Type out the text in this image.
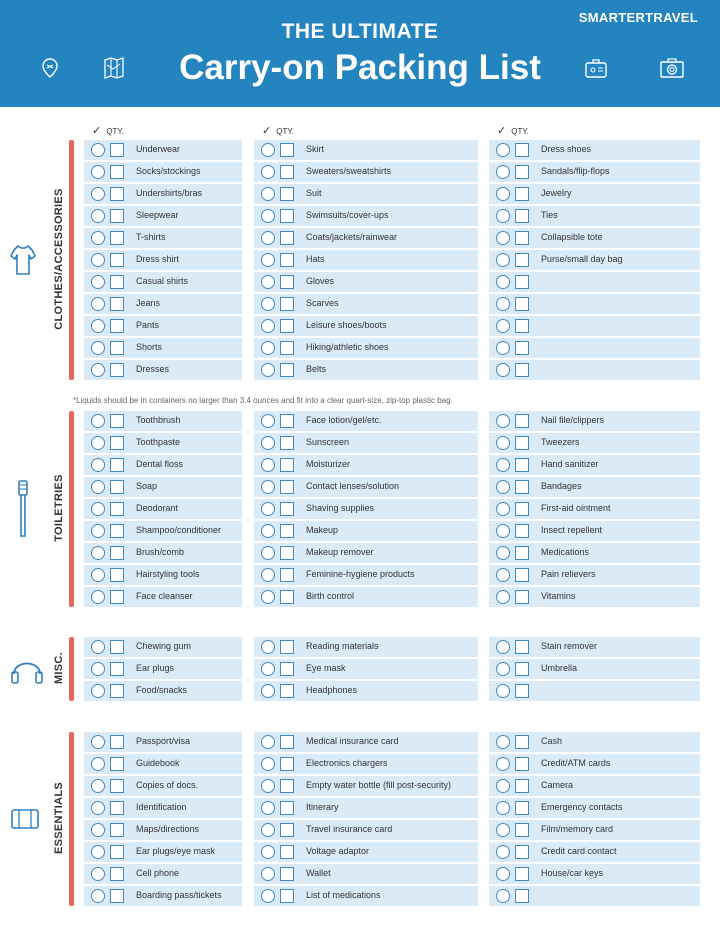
SMARTERTRAVEL
THE ULTIMATE
Carry-on Packing List
✓ QTY.	✓ QTY.	✓ QTY.
*Liquids should be in containers no larger than 3.4 ounces and fit into a clear quart-size, zip-top plastic bag.
CLOTHES/ACCESSORIES
Underwear
Socks/stockings
Undershirts/bras
Sleepwear
T-shirts
Dress shirt
Casual shirts
Jeans
Pants
Shorts
Dresses
Skirt
Sweaters/sweatshirts
Suit
Swimsuits/cover-ups
Coats/jackets/rainwear
Hats
Gloves
Scarves
Leisure shoes/boots
Hiking/athletic shoes
Belts
Dress shoes
Sandals/flip-flops
Jewelry
Ties
Collapsible tote
Purse/small day bag
TOILETRIES
Toothbrush
Toothpaste
Dental floss
Soap
Deodorant
Shampoo/conditioner
Brush/comb
Hairstyling tools
Face cleanser
Face lotion/gel/etc.
Sunscreen
Moisturizer
Contact lenses/solution
Shaving supplies
Makeup
Makeup remover
Feminine-hygiene products
Birth control
Nail file/clippers
Tweezers
Hand sanitizer
Bandages
First-aid ointment
Insect repellent
Medications
Pain relievers
Vitamins
MISC.
Chewing gum
Ear plugs
Food/snacks
Reading materials
Eye mask
Headphones
Stain remover
Umbrella
ESSENTIALS
Passport/visa
Guidebook
Copies of docs.
Identification
Maps/directions
Ear plugs/eye mask
Cell phone
Boarding pass/tickets
Medical insurance card
Electronics chargers
Empty water bottle (fill post-security)
Itinerary
Travel insurance card
Voltage adaptor
Wallet
List of medications
Cash
Credit/ATM cards
Camera
Emergency contacts
Film/memory card
Credit card contact
House/car keys
